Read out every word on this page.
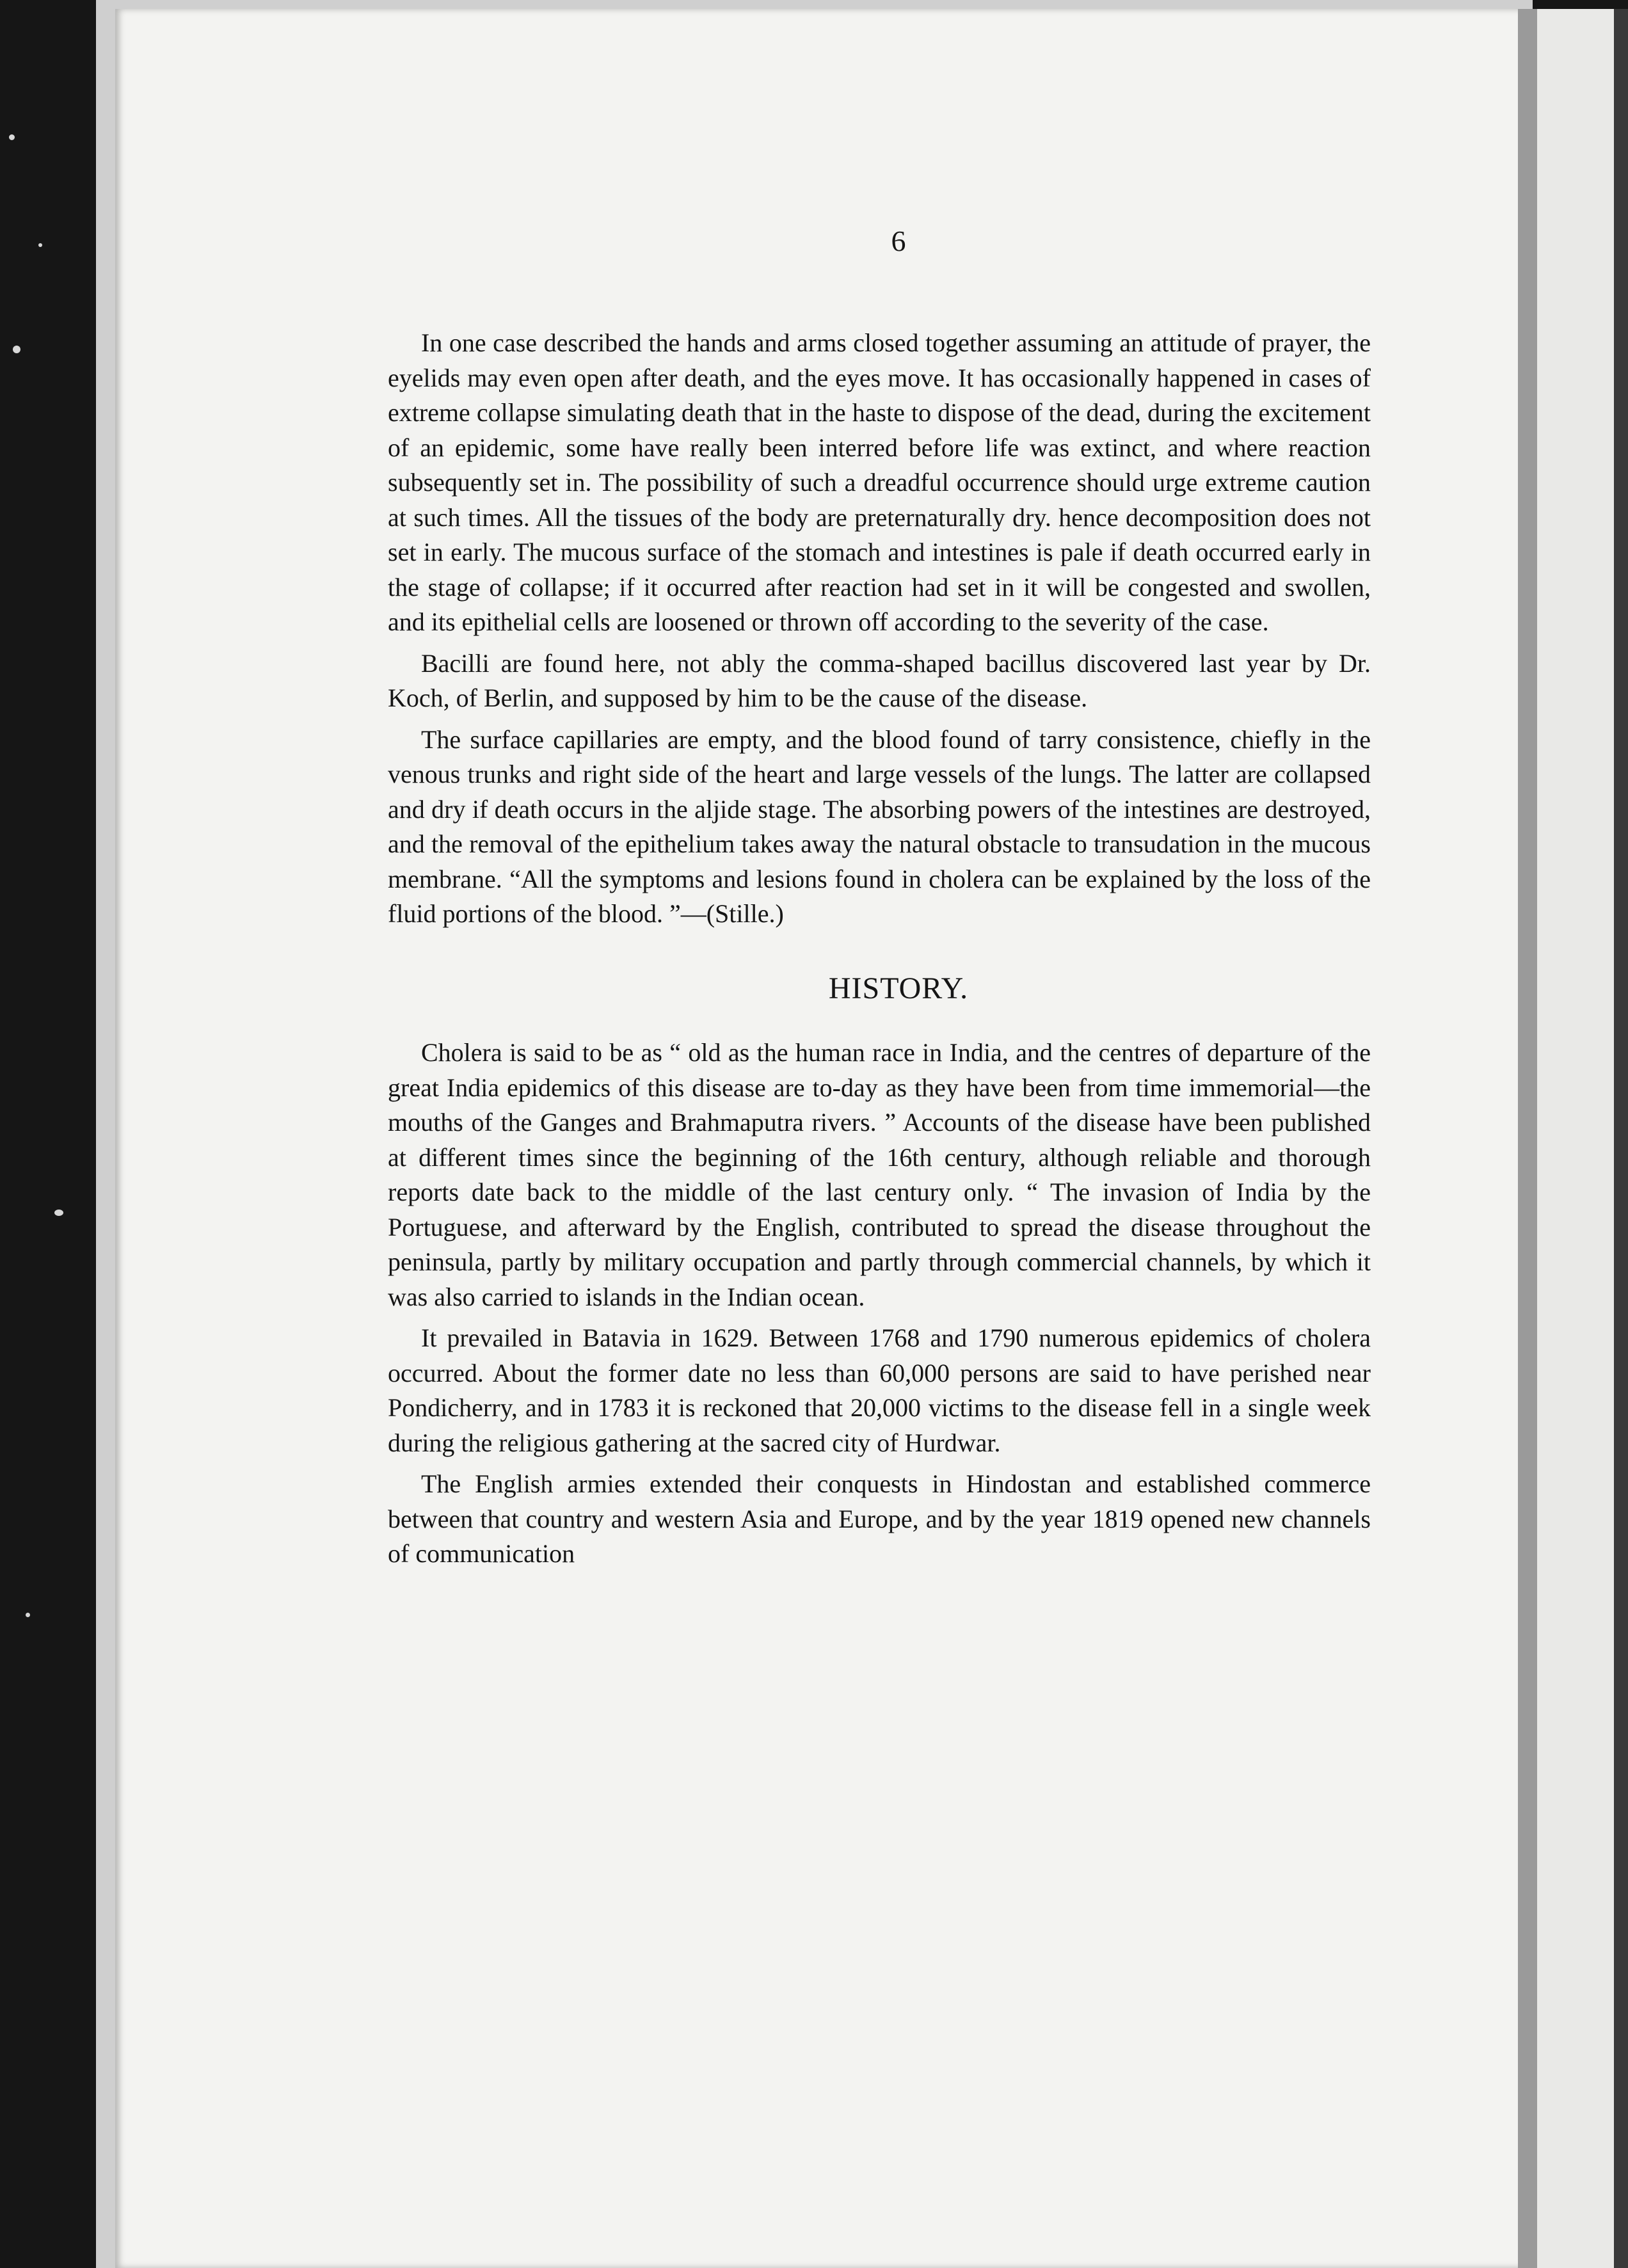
6

In one case described the hands and arms closed together assuming an attitude of prayer, the eyelids may even open after death, and the eyes move. It has occasionally happened in cases of extreme collapse simulating death that in the haste to dispose of the dead, during the excitement of an epidemic, some have really been interred before life was extinct, and where reaction subsequently set in. The possibility of such a dreadful occurrence should urge extreme caution at such times. All the tissues of the body are preternaturally dry. hence decomposition does not set in early. The mucous surface of the stomach and intestines is pale if death occurred early in the stage of collapse; if it occurred after reaction had set in it will be congested and swollen, and its epithelial cells are loosened or thrown off according to the severity of the case.

Bacilli are found here, not ably the comma-shaped bacillus discovered last year by Dr. Koch, of Berlin, and supposed by him to be the cause of the disease.

The surface capillaries are empty, and the blood found of tarry consistence, chiefly in the venous trunks and right side of the heart and large vessels of the lungs. The latter are collapsed and dry if death occurs in the aljide stage. The absorbing powers of the intestines are destroyed, and the removal of the epithelium takes away the natural obstacle to transudation in the mucous membrane. “All the symptoms and lesions found in cholera can be explained by the loss of the fluid portions of the blood. ”—(Stille.)

HISTORY.

Cholera is said to be as “ old as the human race in India, and the centres of departure of the great India epidemics of this disease are to-day as they have been from time immemorial—the mouths of the Ganges and Brahmaputra rivers. ” Accounts of the disease have been published at different times since the beginning of the 16th century, although reliable and thorough reports date back to the middle of the last century only. “ The invasion of India by the Portuguese, and afterward by the English, contributed to spread the disease throughout the peninsula, partly by military occupation and partly through commercial channels, by which it was also carried to islands in the Indian ocean.

It prevailed in Batavia in 1629. Between 1768 and 1790 numerous epidemics of cholera occurred. About the former date no less than 60,000 persons are said to have perished near Pondicherry, and in 1783 it is reckoned that 20,000 victims to the disease fell in a single week during the religious gathering at the sacred city of Hurdwar.

The English armies extended their conquests in Hindostan and established commerce between that country and western Asia and Europe, and by the year 1819 opened new channels of communication
